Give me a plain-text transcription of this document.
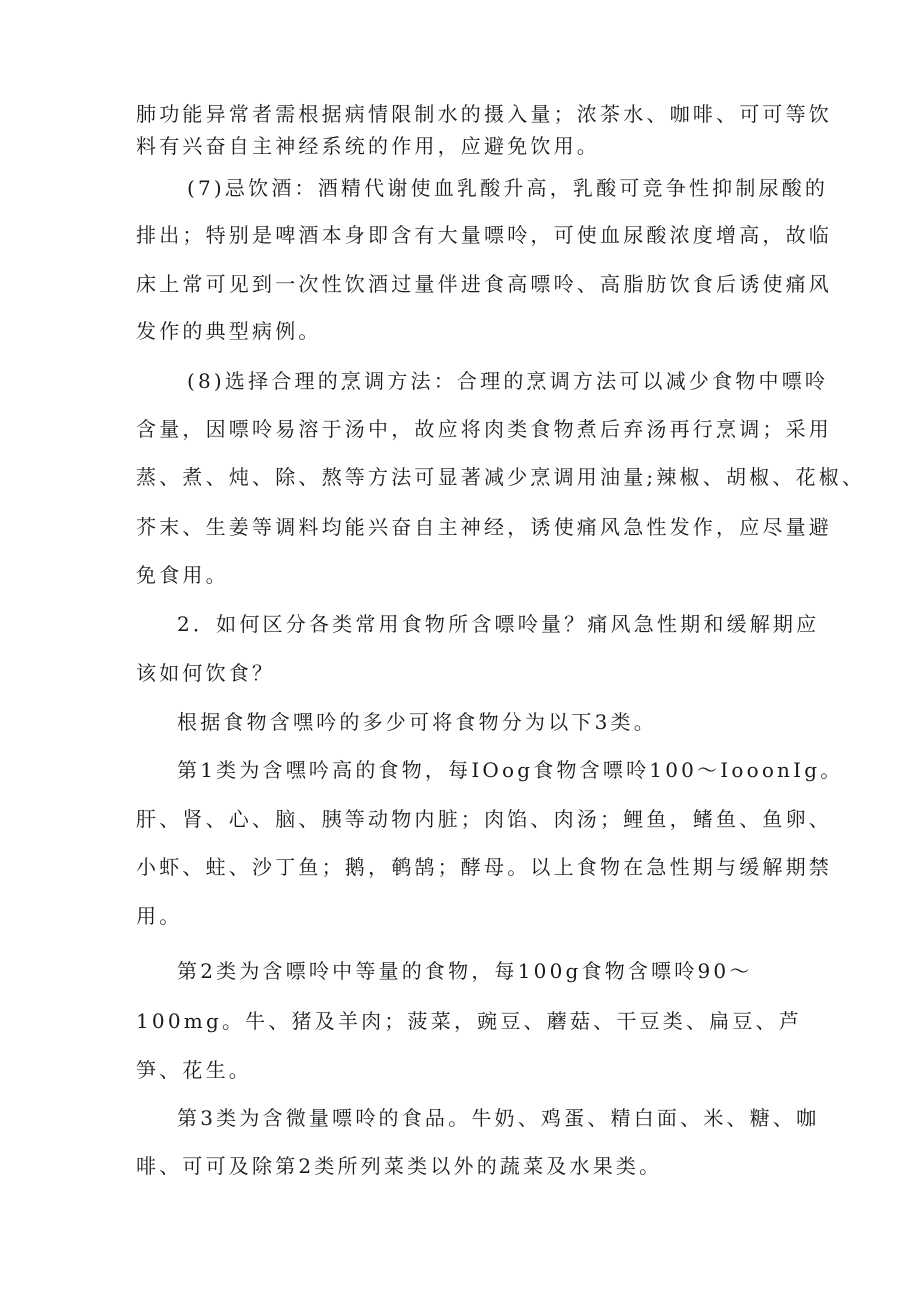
肺功能异常者需根据病情限制水的摄入量；浓茶水、咖啡、可可等饮
料有兴奋自主神经系统的作用，应避免饮用。
(7)忌饮酒：酒精代谢使血乳酸升高，乳酸可竞争性抑制尿酸的
排出；特别是啤酒本身即含有大量嘌呤，可使血尿酸浓度增高，故临
床上常可见到一次性饮酒过量伴进食高嘌呤、高脂肪饮食后诱使痛风
发作的典型病例。
(8)选择合理的烹调方法：合理的烹调方法可以减少食物中嘌呤
含量，因嘌呤易溶于汤中，故应将肉类食物煮后弃汤再行烹调；采用
蒸、煮、炖、除、熬等方法可显著减少烹调用油量;辣椒、胡椒、花椒、
芥末、生姜等调料均能兴奋自主神经，诱使痛风急性发作，应尽量避
免食用。
2．如何区分各类常用食物所含嘌呤量？痛风急性期和缓解期应
该如何饮食？
根据食物含嘿吟的多少可将食物分为以下3类。
第1类为含嘿吟高的食物，每IOog食物含嘌呤100～IooonIg。
肝、肾、心、脑、胰等动物内脏；肉馅、肉汤；鲤鱼，鳍鱼、鱼卵、
小虾、蛀、沙丁鱼；鹅，鹌鹄；酵母。以上食物在急性期与缓解期禁
用。
第2类为含嘌呤中等量的食物，每100g食物含嘌呤90～
100mg。牛、猪及羊肉；菠菜，豌豆、蘑菇、干豆类、扁豆、芦
笋、花生。
第3类为含微量嘌呤的食品。牛奶、鸡蛋、精白面、米、糖、咖
啡、可可及除第2类所列菜类以外的蔬菜及水果类。
